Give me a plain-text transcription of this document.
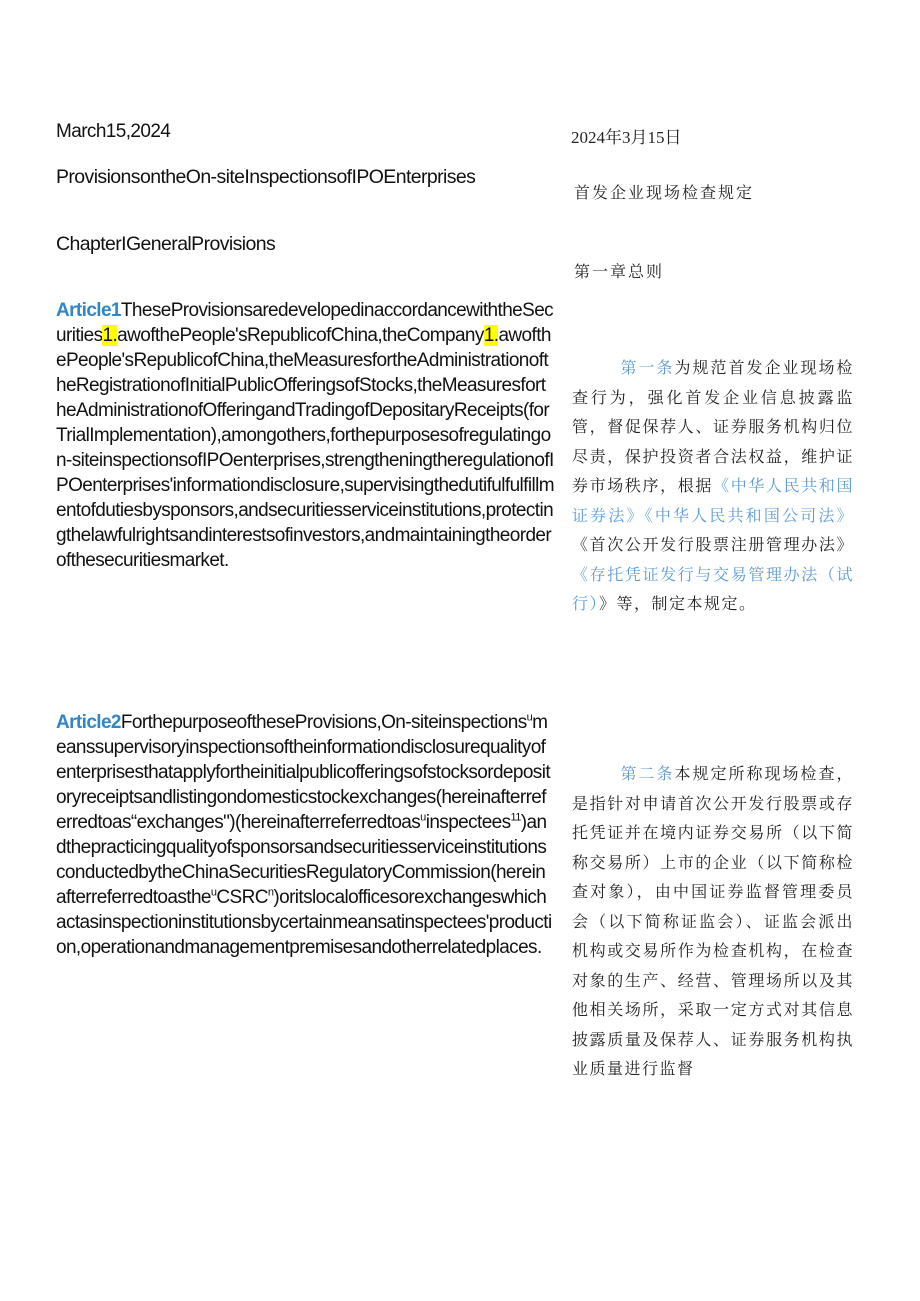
March15,2024
ProvisionsontheOn-siteInspectionsofIPOEnterprises
ChapterIGeneralProvisions
Article1TheseProvisionsaredevelopedinaccordancewiththeSecurities1.awofthePeople'sRepublicofChina,theCompany1.awofthePeople'sRepublicofChina,theMeasuresfortheAdministrationoftheRegistrationofInitialPublicOfferingsofStocks,theMeasuresfortheAdministrationofOfferingandTradingofDepositaryReceipts(forTrialImplementation),amongothers,forthepurposesofregulatingon-siteinspectionsofIPOenterprises,strengtheningtheregulationofIPOenterprises'informationdisclosure,supervisingthedutifulfulfillmentofdutiesbysponsors,andsecuritiesserviceinstitutions,protectingthelawfulrightsandinterestsofinvestors,andmaintainingtheorderofthesecuritiesmarket.
Article2ForthepurposeoftheseProvisions,On-siteinspections$^u$meanssupervisoryinspectionsoftheinformationdisclosurequalityofenterprisesthatapplyfortheinitialpublicofferingsofstocksordepositoryreceiptsandlistingondomesticstockexchanges(hereinafterreferredtoas“exchanges")(hereinafterreferredtoas$^u$inspectees$^{11}$)andthepracticingqualityofsponsorsandsecuritiesserviceinstitutionsconductedbytheChinaSecuritiesRegulatoryCommission(hereinafterreferredtoasthe$^u$CSRC$^n$)oritslocalofficesorexchangeswhichactasinspectioninstitutionsbycertainmeansatinspectees'production,operationandmanagementpremisesandotherrelatedplaces.
2024年3月15日
首发企业现场检查规定
第一章总则
第一条为规范首发企业现场检查行为，强化首发企业信息披露监管，督促保荐人、证券服务机构归位尽责，保护投资者合法权益，维护证券市场秩序，根据《中华人民共和国证券法》《中华人民共和国公司法》《首次公开发行股票注册管理办法》《存托凭证发行与交易管理办法（试行）》等，制定本规定。
第二条本规定所称现场检查，是指针对申请首次公开发行股票或存托凭证并在境内证券交易所（以下简称交易所）上市的企业（以下简称检查对象），由中国证券监督管理委员会（以下简称证监会）、证监会派出机构或交易所作为检查机构，在检查对象的生产、经营、管理场所以及其他相关场所，采取一定方式对其信息披露质量及保荐人、证券服务机构执业质量进行监督
